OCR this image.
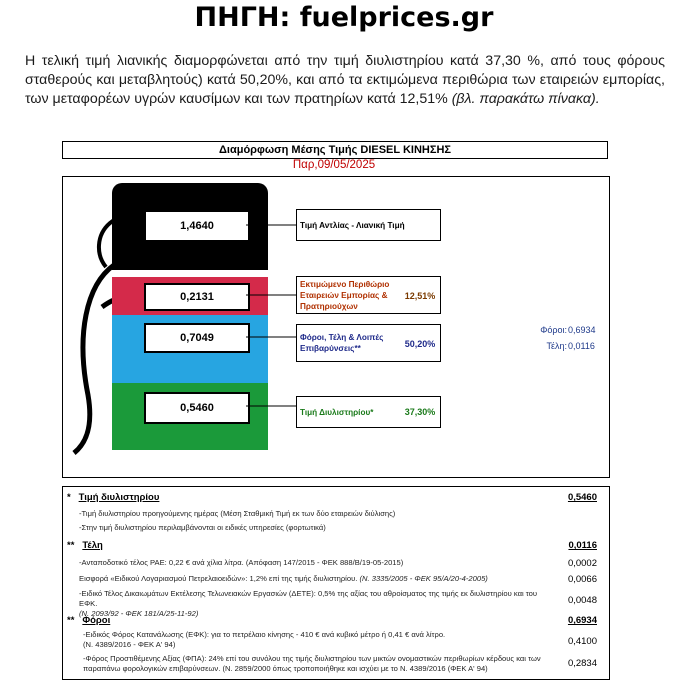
ΠΗΓΗ: fuelprices.gr
Η τελική τιμή λιανικής διαμορφώνεται από την τιμή διυλιστηρίου κατά 37,30 %, από τους φόρους σταθερούς και μεταβλητούς) κατά 50,20%, και από τα εκτιμώμενα περιθώρια των εταιρειών εμπορίας, των μεταφορέων υγρών καυσίμων και των πρατηρίων κατά 12,51% (βλ. παρακάτω πίνακα).
Διαμόρφωση Μέσης Τιμής DIESEL ΚΙΝΗΣΗΣ
Παρ,09/05/2025
1,4640
0,2131
0,7049
0,5460
Τιμή Αντλίας - Λιανική Τιμή
Εκτιμώμενο Περιθώριο Εταιρειών Εμπορίας & Πρατηριούχων
12,51%
Φόροι, Τέλη & Λοιπές Επιβαρύνσεις**	50,20%
Τιμή Διυλιστηρίου*	37,30%
Φόροι: 0,6934
Τέλη: 0,0116
* Τιμή διυλιστηρίου	0,5460
-Τιμή διυλιστηρίου προηγούμενης ημέρας (Μέση Σταθμική Τιμή εκ των δύο εταιρειών διύλισης)
-Στην τιμή διυλιστηρίου περιλαμβάνονται οι ειδικές υπηρεσίες (φορτωτικά)
** Τέλη	0,0116
-Ανταποδοτικό τέλος ΡΑΕ: 0,22 € ανά χίλια λίτρα. (Απόφαση 147/2015 - ΦΕΚ 888/Β/19-05-2015)	0,0002
Εισφορά «Ειδικού Λογαριασμού Πετρελαιοειδών»: 1,2% επί της τιμής διυλιστηρίου. (Ν. 3335/2005 - ΦΕΚ 95/Α/20-4-2005)	0,0066
-Ειδικό Τέλος Δικαιωμάτων Εκτέλεσης Τελωνειακών Εργασιών (ΔΕΤΕ): 0,5% της αξίας του αθροίσματος της τιμής εκ διυλιστηρίου και του ΕΦΚ.
(Ν. 2093/92 - ΦΕΚ 181/Α/25-11-92)
0,0048
** Φόροι	0,6934
-Ειδικός Φόρος Κατανάλωσης (ΕΦΚ): για το πετρέλαιο κίνησης - 410 € ανά κυβικό μέτρο ή 0,41 € ανά λίτρο.
(Ν. 4389/2016 - ΦΕΚ Α' 94)	0,4100
-Φόρος Προστιθέμενης Αξίας (ΦΠΑ): 24% επί του συνόλου της τιμής διυλιστηρίου των μικτών ονομαστικών περιθωρίων κέρδους και των παραπάνω φορολογικών επιβαρύνσεων. (Ν. 2859/2000 όπως τροποποιήθηκε και ισχύει με το Ν. 4389/2016 (ΦΕΚ Α' 94)	0,2834
